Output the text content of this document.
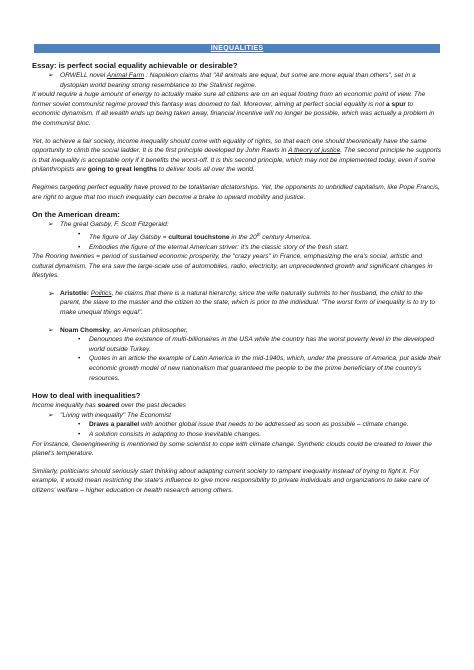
INEQUALITIES
Essay: is perfect social equality achievable or desirable?
➢ ORWELL novel Animal Farm : Napoléon claims that "All animals are equal, but some are more equal than others", set in a dystopian world bearing strong resemblance to the Stalinist regime.

It would require a huge amount of energy to actually make sure all citizens are on an equal footing from an economic point of view. The former soviet communist regime proved this fantasy was doomed to fail. Moreover, aiming at perfect social equality is not a spur to economic dynamism. If all wealth ends up being taken away, financial incentive will no longer be possible, which was actually a problem in the communist bloc.

Yet, to achieve a fair society, income inequality should come with equality of rights, so that each one should theoretically have the same opportunity to climb the social ladder. It is the first principle developed by John Rawls in A theory of justice. The second principle he supports is that inequality is acceptable only if it benefits the worst-off. It is this second principle, which may not be implemented today, even if some philanthropists are going to great lengths to deliver tools all over the world.

Regimes targeting perfect equality have proved to be totalitarian dictatorships. Yet, the opponents to unbridled capitalism, like Pope Francis, are right to argue that too much inequality can become a brake to upward mobility and justice.

On the American dream:
➢ The great Gatsby, F. Scott Fitzgerald:
•	The figure of Jay Gatsby = cultural touchstone in the 20th century America.
•	Embodies the figure of the eternal American striver: it's the classic story of the fresh start.

The Rooring twenties = period of sustained economic prosperity, the "crazy years" in France, emphasizing the era's social, artistic and cultural dynamism. The era saw the large-scale use of automobiles, radio, electricity, an unprecedented growth and significant changes in lifestyles.

➢ Aristotle: Politics, he claims that there is a natural hierarchy, since the wife naturally submits to her husband, the child to the parent, the slave to the master and the citizen to the state, which is prior to the individual. "The worst form of inequality is to try to make unequal things equal".
➢ Noam Chomsky, an American philosopher,
•	Denounces the existence of multi-billionaires in the USA while the country has the worst poverty level in the developed world outside Turkey.
•	Quotes in an article the example of Latin America in the mid-1940s, which, under the pressure of America, put aside their economic growth model of new nationalism that guaranteed the people to be the prime beneficiary of the country's resources.
How to deal with inequalities?

Income inequality has soared over the past decades

➢ "Living with inequality" The Economist
•	Draws a parallel with another global issue that needs to be addressed as soon as possible – climate change.
•	A solution consists in adapting to those inevitable changes.

For instance, Geoengineering is mentioned by some scientist to cope with climate change. Synthetic clouds could be created to lower the planet's temperature.

Similarly, politicians should seriously start thinking about adapting current society to rampant inequality instead of trying to fight it. For example, it would mean restricting the state's influence to give more responsibility to private individuals and organizations to take care of citizens' welfare – higher education or health research among others.
